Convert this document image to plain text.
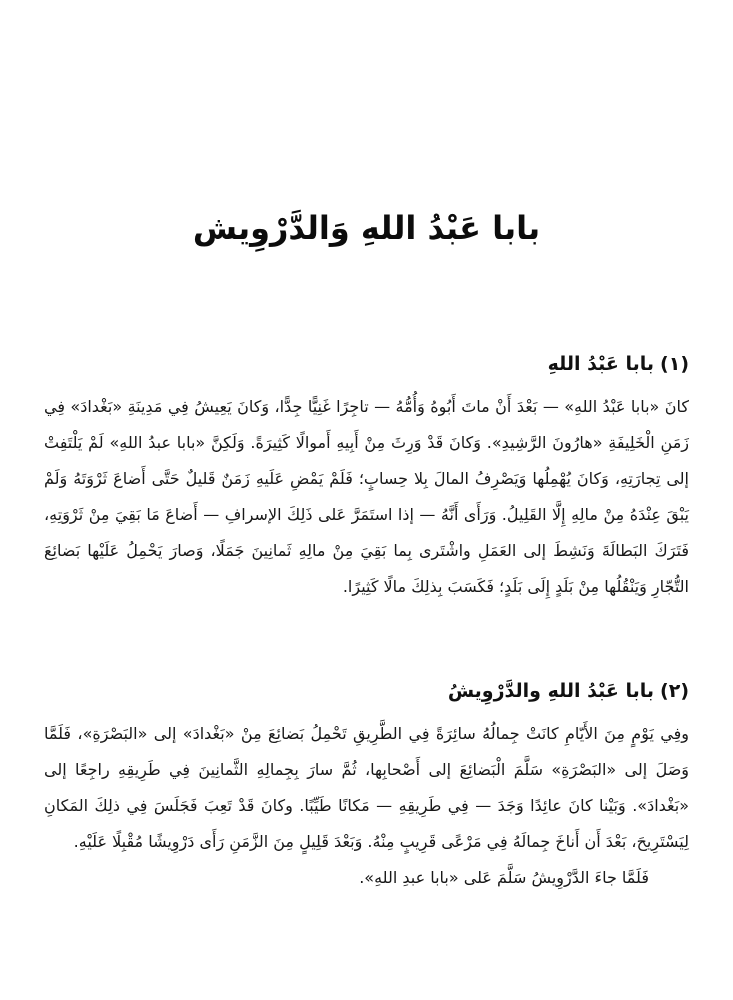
بابا عَبْدُ اللهِ وَالدَّرْوِيش
(١)بابا عَبْدُ اللهِ

كانَ «بابا عَبْدُ اللهِ» — بَعْدَ أَنْ ماتَ أَبُوهُ وَأُمُّهُ — تاجِرًا غَنِيًّا جِدًّا، وَكانَ يَعِيشُ فِي مَدِينَةِ «بَغْدادَ» فِي زَمَنِ الْخَلِيفَةِ «هارُونَ الرَّشِيدِ». وَكانَ قَدْ وَرِثَ مِنْ أَبِيهِ أَموالًا كَثِيرَةً. وَلَكِنَّ «بابا عبدُ اللهِ» لَمْ يَلْتَفِتْ إلى تِجارَتِهِ، وَكانَ يُهْمِلُها وَيَصْرِفُ المالَ بِلا حِسابٍ؛ فَلَمْ يَمْضِ عَلَيهِ زَمَنٌ قَليلٌ حَتَّى أَضاعَ ثَرْوَتَهُ وَلَمْ يَبْقَ عِنْدَهُ مِنْ مالِهِ إِلَّا القَلِيلُ. وَرَأَى أَنَّهُ — إذا استَمَرَّ عَلى ذَلِكَ الإسرافِ — أَضاعَ مَا بَقِيَ مِنْ ثَرْوَتِهِ، فَتَرَكَ البَطالَةَ وَنَشِطَ إلى العَمَلِ واشْتَرى بِما بَقِيَ مِنْ مالِهِ ثَمانِينَ جَمَلًا، وَصارَ يَحْمِلُ عَلَيْها بَضائِعَ التُّجّارِ وَيَنْقُلُها مِنْ بَلَدٍ إِلَى بَلَدٍ؛ فَكَسَبَ بِذلِكَ مالًا كَثِيرًا.

(٢)بابا عَبْدُ اللهِ والدَّرْوِيشُ

وفِي يَوْمٍ مِنَ الأَيّامِ كانَتْ جِمالُهُ سائِرَةً فِي الطَّرِيقِ تَحْمِلُ بَضائِعَ مِنْ «بَغْدادَ» إلى «البَصْرَةِ»، فَلَمَّا وَصَلَ إلى «البَصْرَةِ» سَلَّمَ الْبَضائِعَ إلى أَصْحابِها، ثُمَّ سارَ بِجِمالِهِ الثَّمانِينَ فِي طَرِيقِهِ راجِعًا إلى «بَغْدادَ». وَبَيْنا كانَ عائِدًا وَجَدَ — فِي طَرِيقِهِ — مَكانًا طَيِّبًا. وكانَ قَدْ تَعِبَ فَجَلَسَ فِي ذلِكَ المَكانِ لِيَسْتَرِيحَ، بَعْدَ أَن أَناخَ جِمالَهُ فِي مَرْعًى قَرِيبٍ مِنْهُ. وَبَعْدَ قَلِيلٍ مِنَ الزَّمَنِ رَأَى دَرْوِيشًا مُقْبِلًا عَلَيْهِ.

فَلَمَّا جاءَ الدَّرْوِيشُ سَلَّمَ عَلى «بابا عبدِ اللهِ».
